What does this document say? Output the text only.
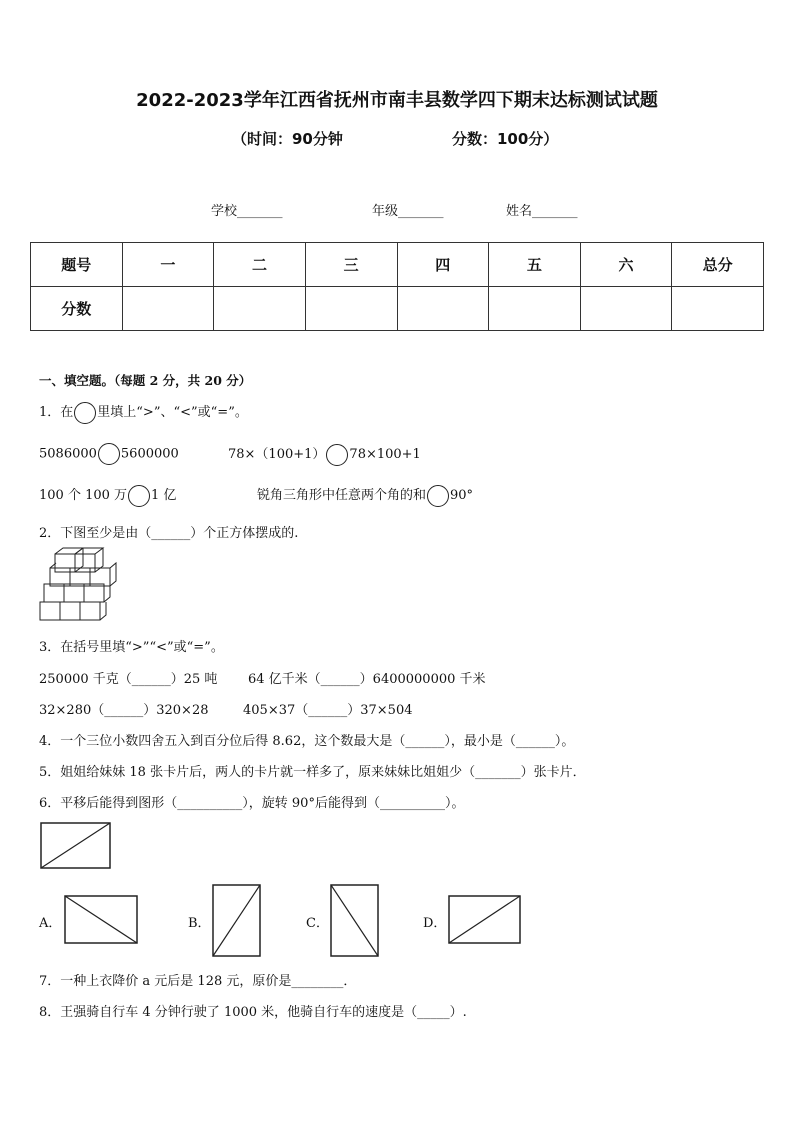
2022-2023学年江西省抚州市南丰县数学四下期末达标测试试题
（时间：90分钟	分数：100分）
学校_______	年级_______	姓名_______
题号	一	二	三	四	五	六	总分
分数							
一、填空题。（每题 2 分，共 20 分）
1．在 里填上“>”、“<”或“=”。
5086000 5600000	78×（100+1） 78×100+1
100 个 100 万 1 亿	锐角三角形中任意两个角的和 90°
2．下图至少是由（______）个正方体摆成的.
3．在括号里填“>”“<”或“=”。
250000 千克（______）25 吨 64 亿千米（______）6400000000 千米
32×280（______）320×28	405×37（______）37×504
4．一个三位小数四舍五入到百分位后得 8.62，这个数最大是（______），最小是（______）。
5．姐姐给妹妹 18 张卡片后，两人的卡片就一样多了，原来妹妹比姐姐少（_______）张卡片．
6．平移后能得到图形（__________），旋转 90°后能得到（__________）。
A．	B．	C．	D．
7．一种上衣降价 a 元后是 128 元，原价是________．
8．王强骑自行车 4 分钟行驶了 1000 米，他骑自行车的速度是（_____）.
